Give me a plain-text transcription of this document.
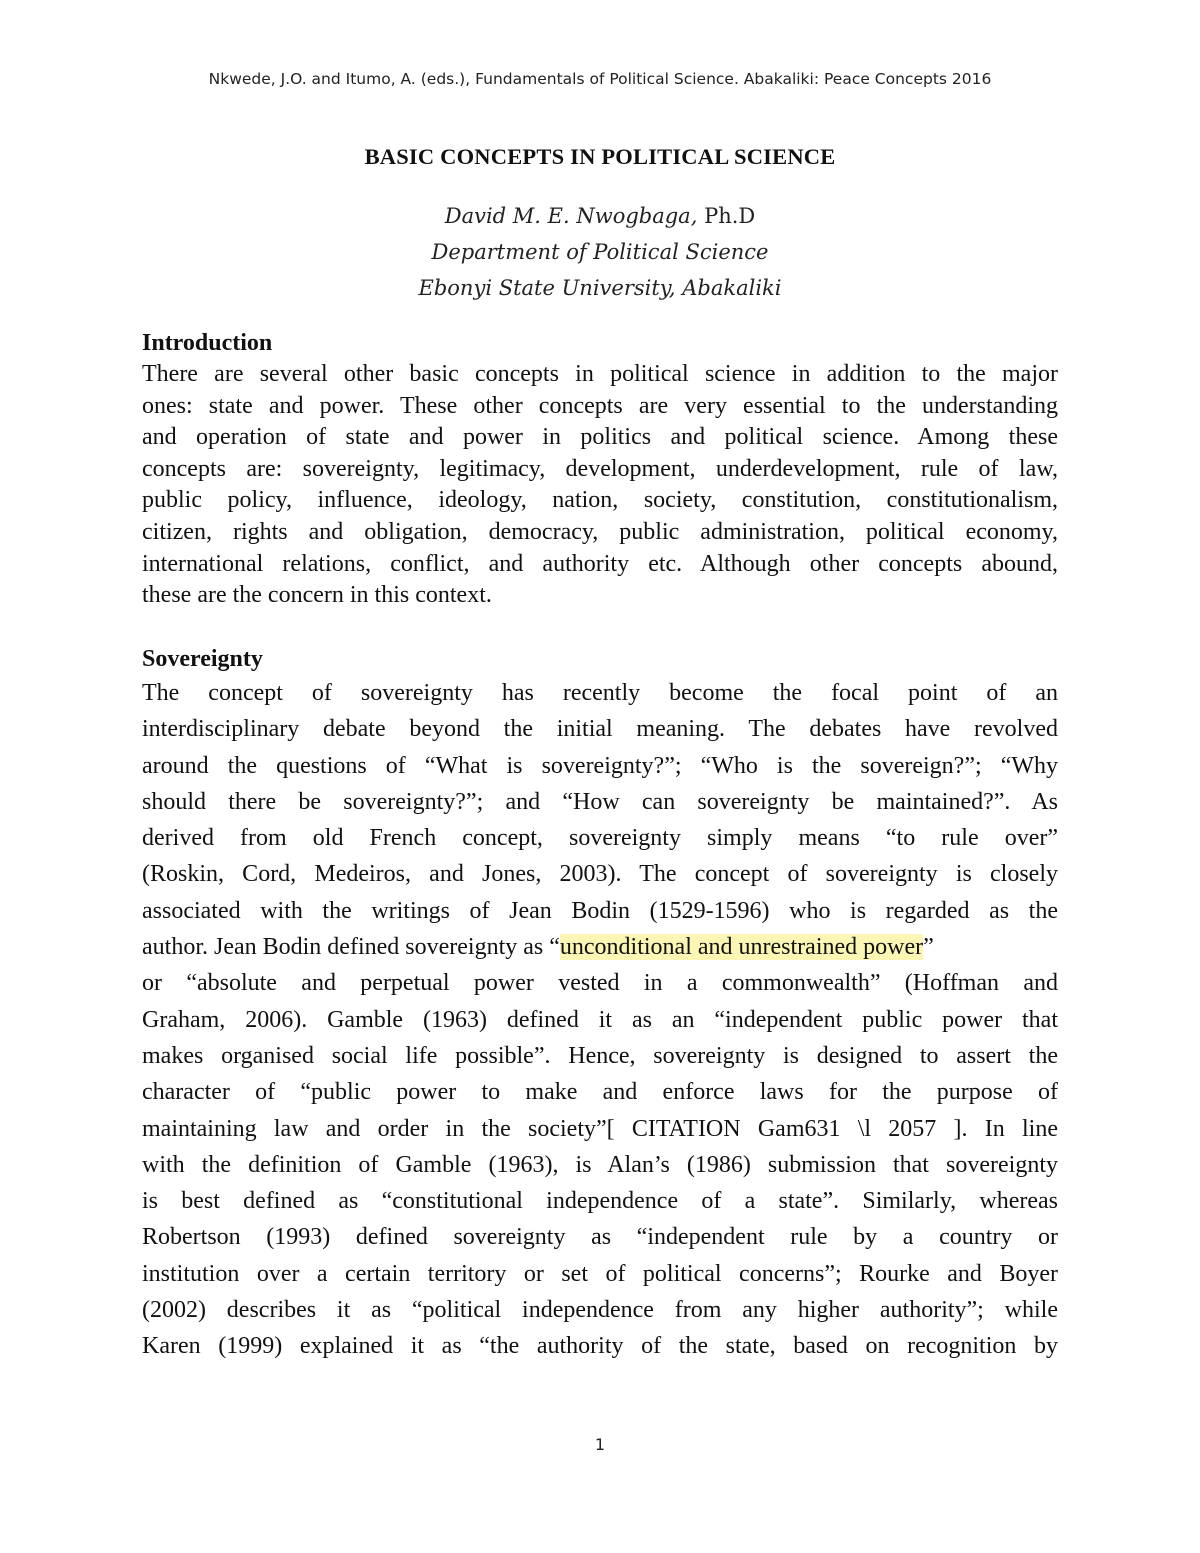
Nkwede, J.O. and Itumo, A. (eds.), Fundamentals of Political Science. Abakaliki: Peace Concepts 2016
BASIC CONCEPTS IN POLITICAL SCIENCE
David M. E. Nwogbaga, Ph.D
Department of Political Science
Ebonyi State University, Abakaliki
Introduction

There are several other basic concepts in political science in addition to the major

ones: state and power. These other concepts are very essential to the understanding

and operation of state and power in politics and political science. Among these

concepts are: sovereignty, legitimacy, development, underdevelopment, rule of law,

public policy, influence, ideology, nation, society, constitution, constitutionalism,

citizen, rights and obligation, democracy, public administration, political economy,

international relations, conflict, and authority etc. Although other concepts abound,

these are the concern in this context.

Sovereignty

The concept of sovereignty has recently become the focal point of an

interdisciplinary debate beyond the initial meaning. The debates have revolved

around the questions of “What is sovereignty?”; “Who is the sovereign?”; “Why

should there be sovereignty?”; and “How can sovereignty be maintained?”. As

derived from old French concept, sovereignty simply means “to rule over”

(Roskin, Cord, Medeiros, and Jones, 2003). The concept of sovereignty is closely

associated with the writings of Jean Bodin (1529-1596) who is regarded as the

author. Jean Bodin defined sovereignty as “unconditional and unrestrained power”

or “absolute and perpetual power vested in a commonwealth” (Hoffman and

Graham, 2006). Gamble (1963) defined it as an “independent public power that

makes organised social life possible”. Hence, sovereignty is designed to assert the

character of “public power to make and enforce laws for the purpose of

maintaining law and order in the society”[ CITATION Gam631 \l 2057 ]. In line

with the definition of Gamble (1963), is Alan’s (1986) submission that sovereignty

is best defined as “constitutional independence of a state”. Similarly, whereas

Robertson (1993) defined sovereignty as “independent rule by a country or

institution over a certain territory or set of political concerns”; Rourke and Boyer

(2002) describes it as “political independence from any higher authority”; while

Karen (1999) explained it as “the authority of the state, based on recognition by

1
